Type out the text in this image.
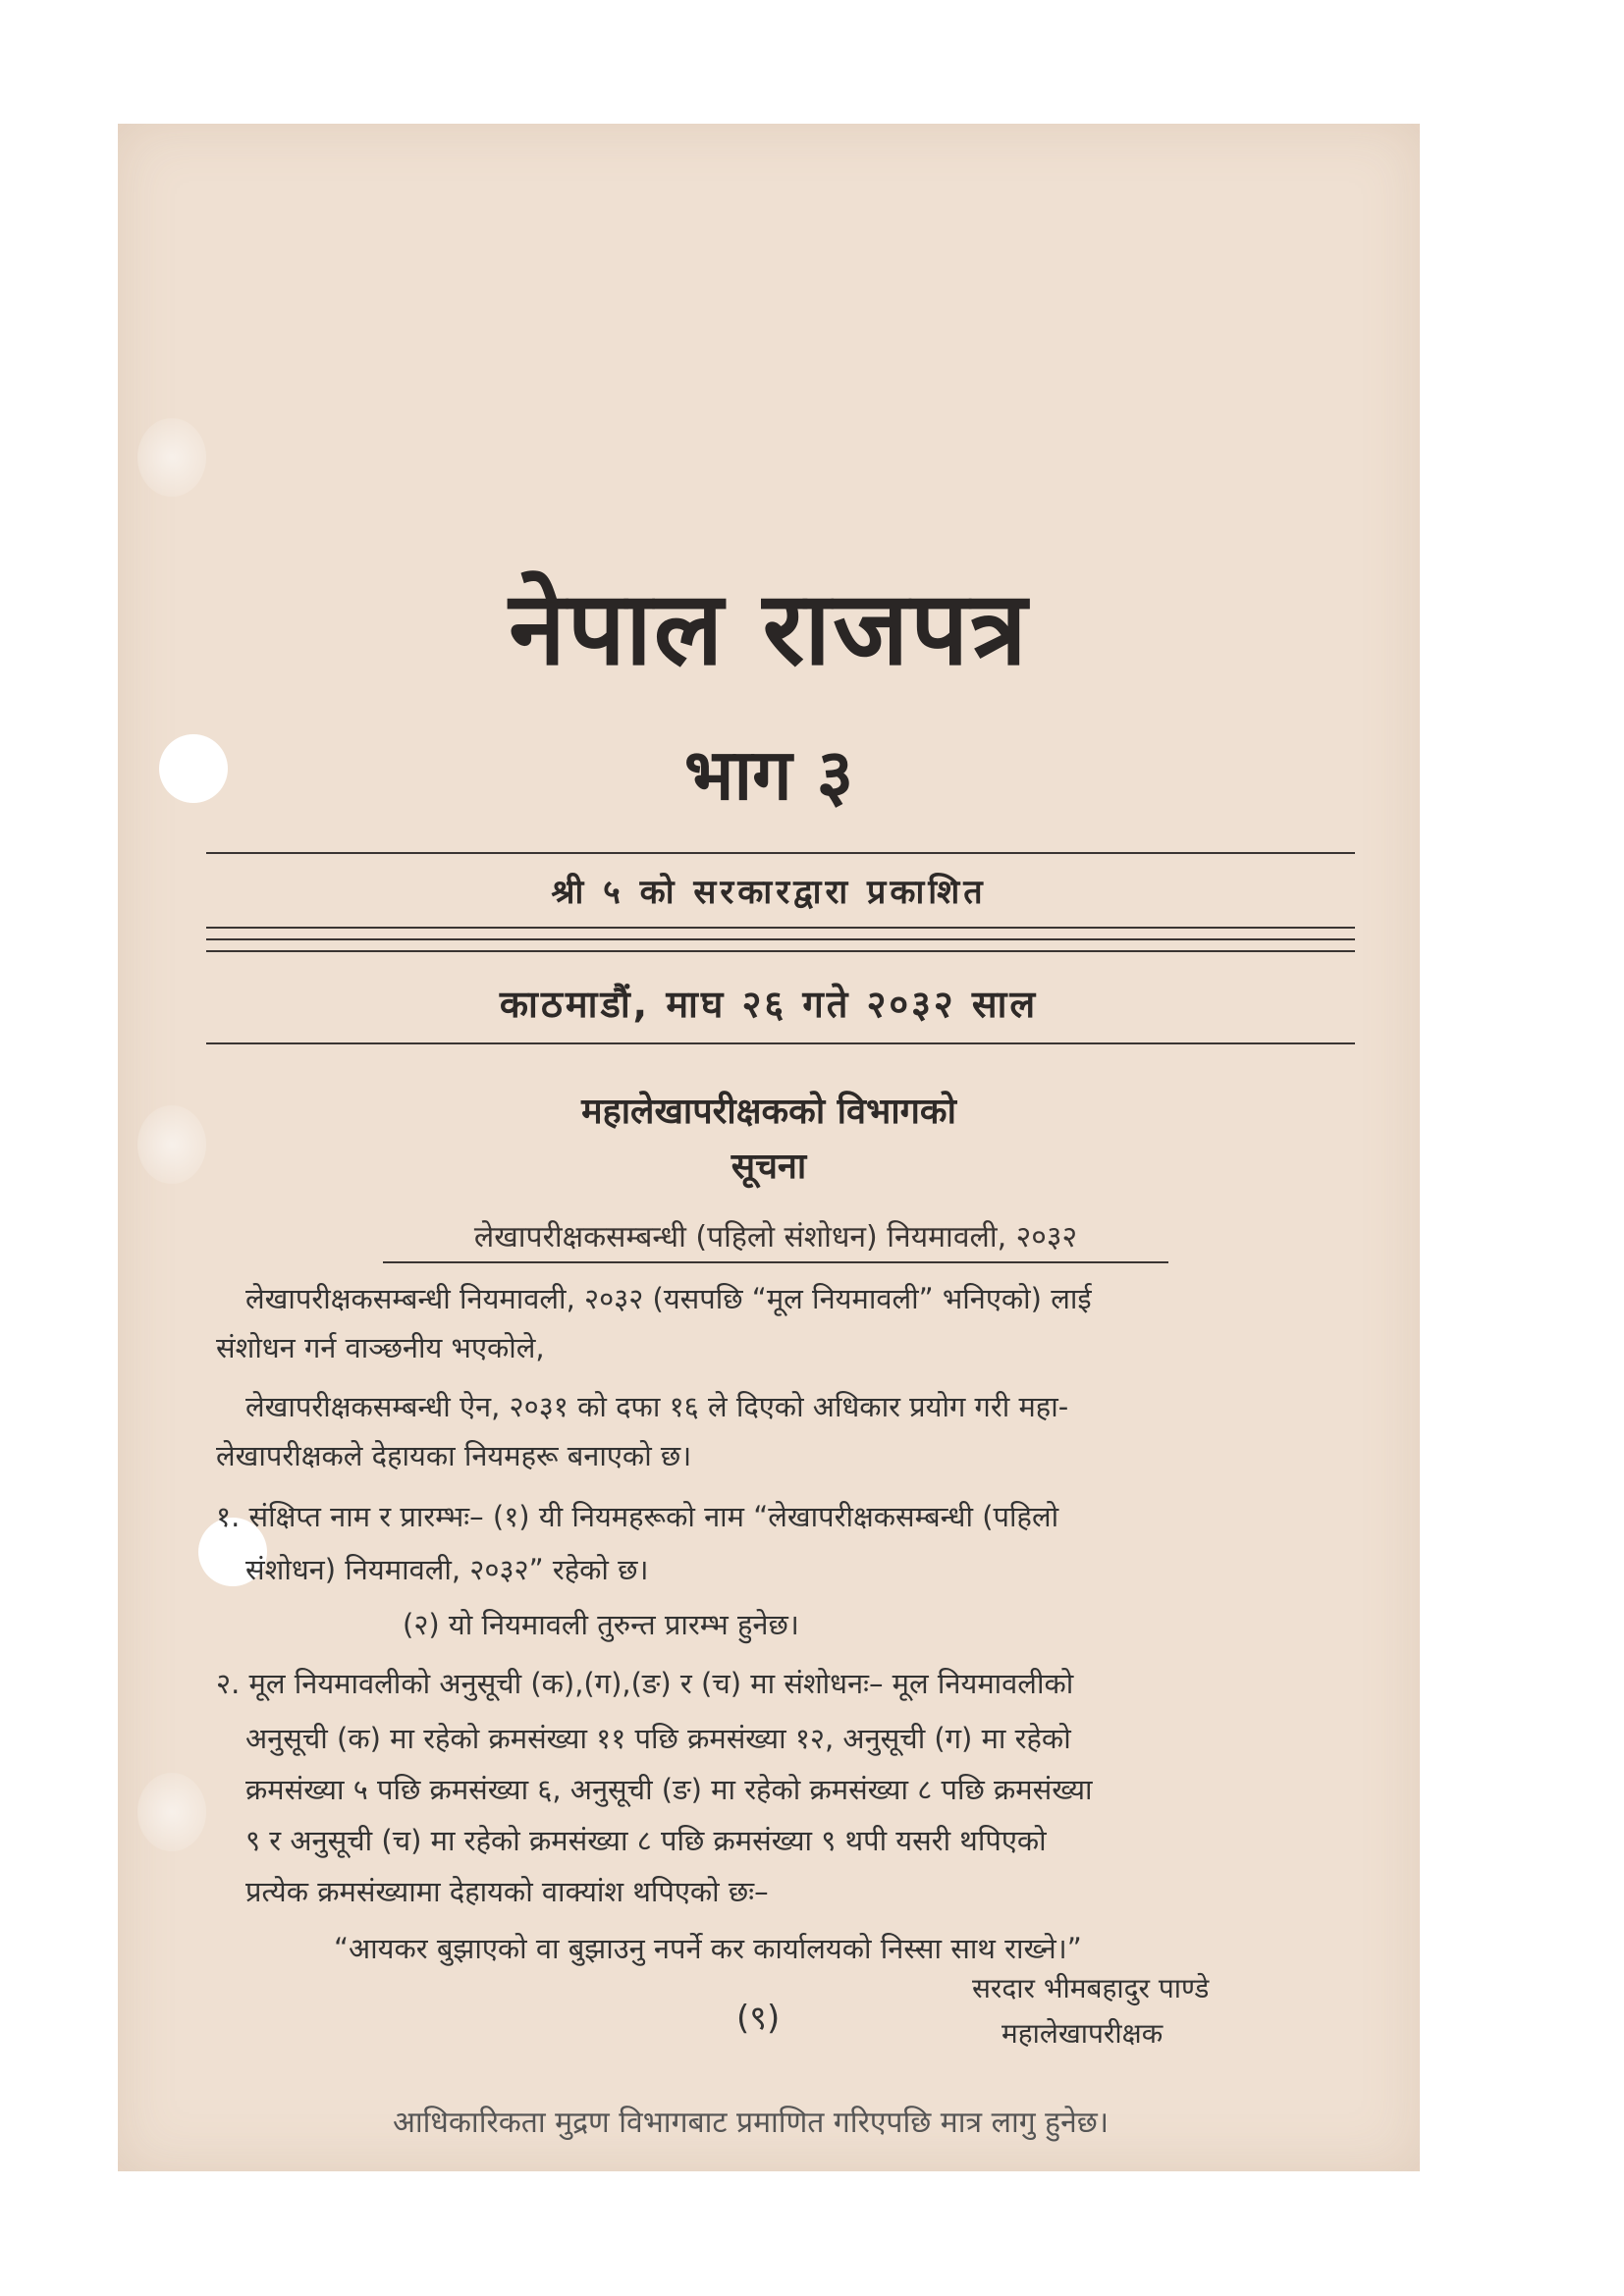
नेपाल राजपत्र
भाग ३
श्री ५ को सरकारद्वारा प्रकाशित
काठमाडौं, माघ २६ गते २०३२ साल
महालेखापरीक्षकको विभागको
सूचना
लेखापरीक्षकसम्बन्धी (पहिलो संशोधन) नियमावली, २०३२
लेखापरीक्षकसम्बन्धी नियमावली, २०३२ (यसपछि “मूल नियमावली” भनिएको) लाई
संशोधन गर्न वाञ्छनीय भएकोले,
लेखापरीक्षकसम्बन्धी ऐन, २०३१ को दफा १६ ले दिएको अधिकार प्रयोग गरी महा-
लेखापरीक्षकले देहायका नियमहरू बनाएको छ।
१. संक्षिप्त नाम र प्रारम्भः– (१) यी नियमहरूको नाम “लेखापरीक्षकसम्बन्धी (पहिलो
संशोधन) नियमावली, २०३२” रहेको छ।
(२) यो नियमावली तुरुन्त प्रारम्भ हुनेछ।
२. मूल नियमावलीको अनुसूची (क),(ग),(ङ) र (च) मा संशोधनः– मूल नियमावलीको
अनुसूची (क) मा रहेको क्रमसंख्या ११ पछि क्रमसंख्या १२, अनुसूची (ग) मा रहेको
क्रमसंख्या ५ पछि क्रमसंख्या ६, अनुसूची (ङ) मा रहेको क्रमसंख्या ८ पछि क्रमसंख्या
९ र अनुसूची (च) मा रहेको क्रमसंख्या ८ पछि क्रमसंख्या ९ थपी यसरी थपिएको
प्रत्येक क्रमसंख्यामा देहायको वाक्यांश थपिएको छः–
“आयकर बुझाएको वा बुझाउनु नपर्ने कर कार्यालयको निस्सा साथ राख्ने।”
सरदार भीमबहादुर पाण्डे
महालेखापरीक्षक
(९)
आधिकारिकता मुद्रण विभागबाट प्रमाणित गरिएपछि मात्र लागु हुनेछ।
